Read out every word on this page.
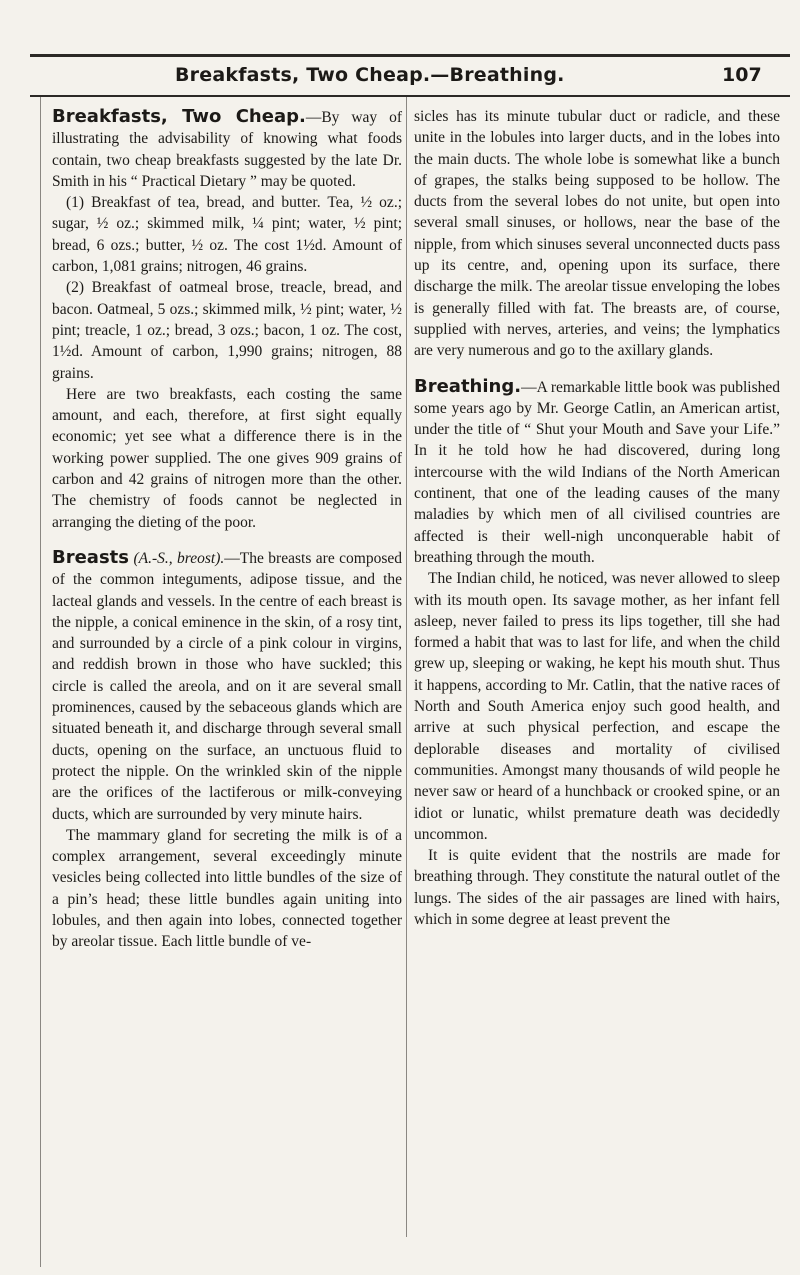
Breakfasts, Two Cheap.—Breathing.	107

Breakfasts, Two Cheap.—By way of illustrating the advisability of knowing what foods contain, two cheap breakfasts suggested by the late Dr. Smith in his “ Practical Dietary ” may be quoted.

(1) Breakfast of tea, bread, and butter. Tea, ½ oz.; sugar, ½ oz.; skimmed milk, ¼ pint; water, ½ pint; bread, 6 ozs.; butter, ½ oz. The cost 1½d. Amount of carbon, 1,081 grains; nitrogen, 46 grains.

(2) Breakfast of oatmeal brose, treacle, bread, and bacon. Oatmeal, 5 ozs.; skimmed milk, ½ pint; water, ½ pint; treacle, 1 oz.; bread, 3 ozs.; bacon, 1 oz. The cost, 1½d. Amount of carbon, 1,990 grains; nitrogen, 88 grains.

Here are two breakfasts, each costing the same amount, and each, therefore, at first sight equally economic; yet see what a difference there is in the working power supplied. The one gives 909 grains of carbon and 42 grains of nitrogen more than the other. The chemistry of foods cannot be neglected in arranging the dieting of the poor.

Breasts (A.-S., breost).—The breasts are composed of the common integuments, adipose tissue, and the lacteal glands and vessels. In the centre of each breast is the nipple, a conical eminence in the skin, of a rosy tint, and surrounded by a circle of a pink colour in virgins, and reddish brown in those who have suckled; this circle is called the areola, and on it are several small prominences, caused by the sebaceous glands which are situated beneath it, and discharge through several small ducts, opening on the surface, an unctuous fluid to protect the nipple. On the wrinkled skin of the nipple are the orifices of the lactiferous or milk-conveying ducts, which are surrounded by very minute hairs.

The mammary gland for secreting the milk is of a complex arrangement, several exceedingly minute vesicles being collected into little bundles of the size of a pin’s head; these little bundles again uniting into lobules, and then again into lobes, connected together by areolar tissue. Each little bundle of ve-

sicles has its minute tubular duct or radicle, and these unite in the lobules into larger ducts, and in the lobes into the main ducts. The whole lobe is somewhat like a bunch of grapes, the stalks being supposed to be hollow. The ducts from the several lobes do not unite, but open into several small sinuses, or hollows, near the base of the nipple, from which sinuses several unconnected ducts pass up its centre, and, opening upon its surface, there discharge the milk. The areolar tissue enveloping the lobes is generally filled with fat. The breasts are, of course, supplied with nerves, arteries, and veins; the lymphatics are very numerous and go to the axillary glands.

Breathing.—A remarkable little book was published some years ago by Mr. George Catlin, an American artist, under the title of “ Shut your Mouth and Save your Life.” In it he told how he had discovered, during long intercourse with the wild Indians of the North American continent, that one of the leading causes of the many maladies by which men of all civilised countries are affected is their well-nigh unconquerable habit of breathing through the mouth.

The Indian child, he noticed, was never allowed to sleep with its mouth open. Its savage mother, as her infant fell asleep, never failed to press its lips together, till she had formed a habit that was to last for life, and when the child grew up, sleeping or waking, he kept his mouth shut. Thus it happens, according to Mr. Catlin, that the native races of North and South America enjoy such good health, and arrive at such physical perfection, and escape the deplorable diseases and mortality of civilised communities. Amongst many thousands of wild people he never saw or heard of a hunchback or crooked spine, or an idiot or lunatic, whilst premature death was decidedly uncommon.

It is quite evident that the nostrils are made for breathing through. They constitute the natural outlet of the lungs. The sides of the air passages are lined with hairs, which in some degree at least prevent the
